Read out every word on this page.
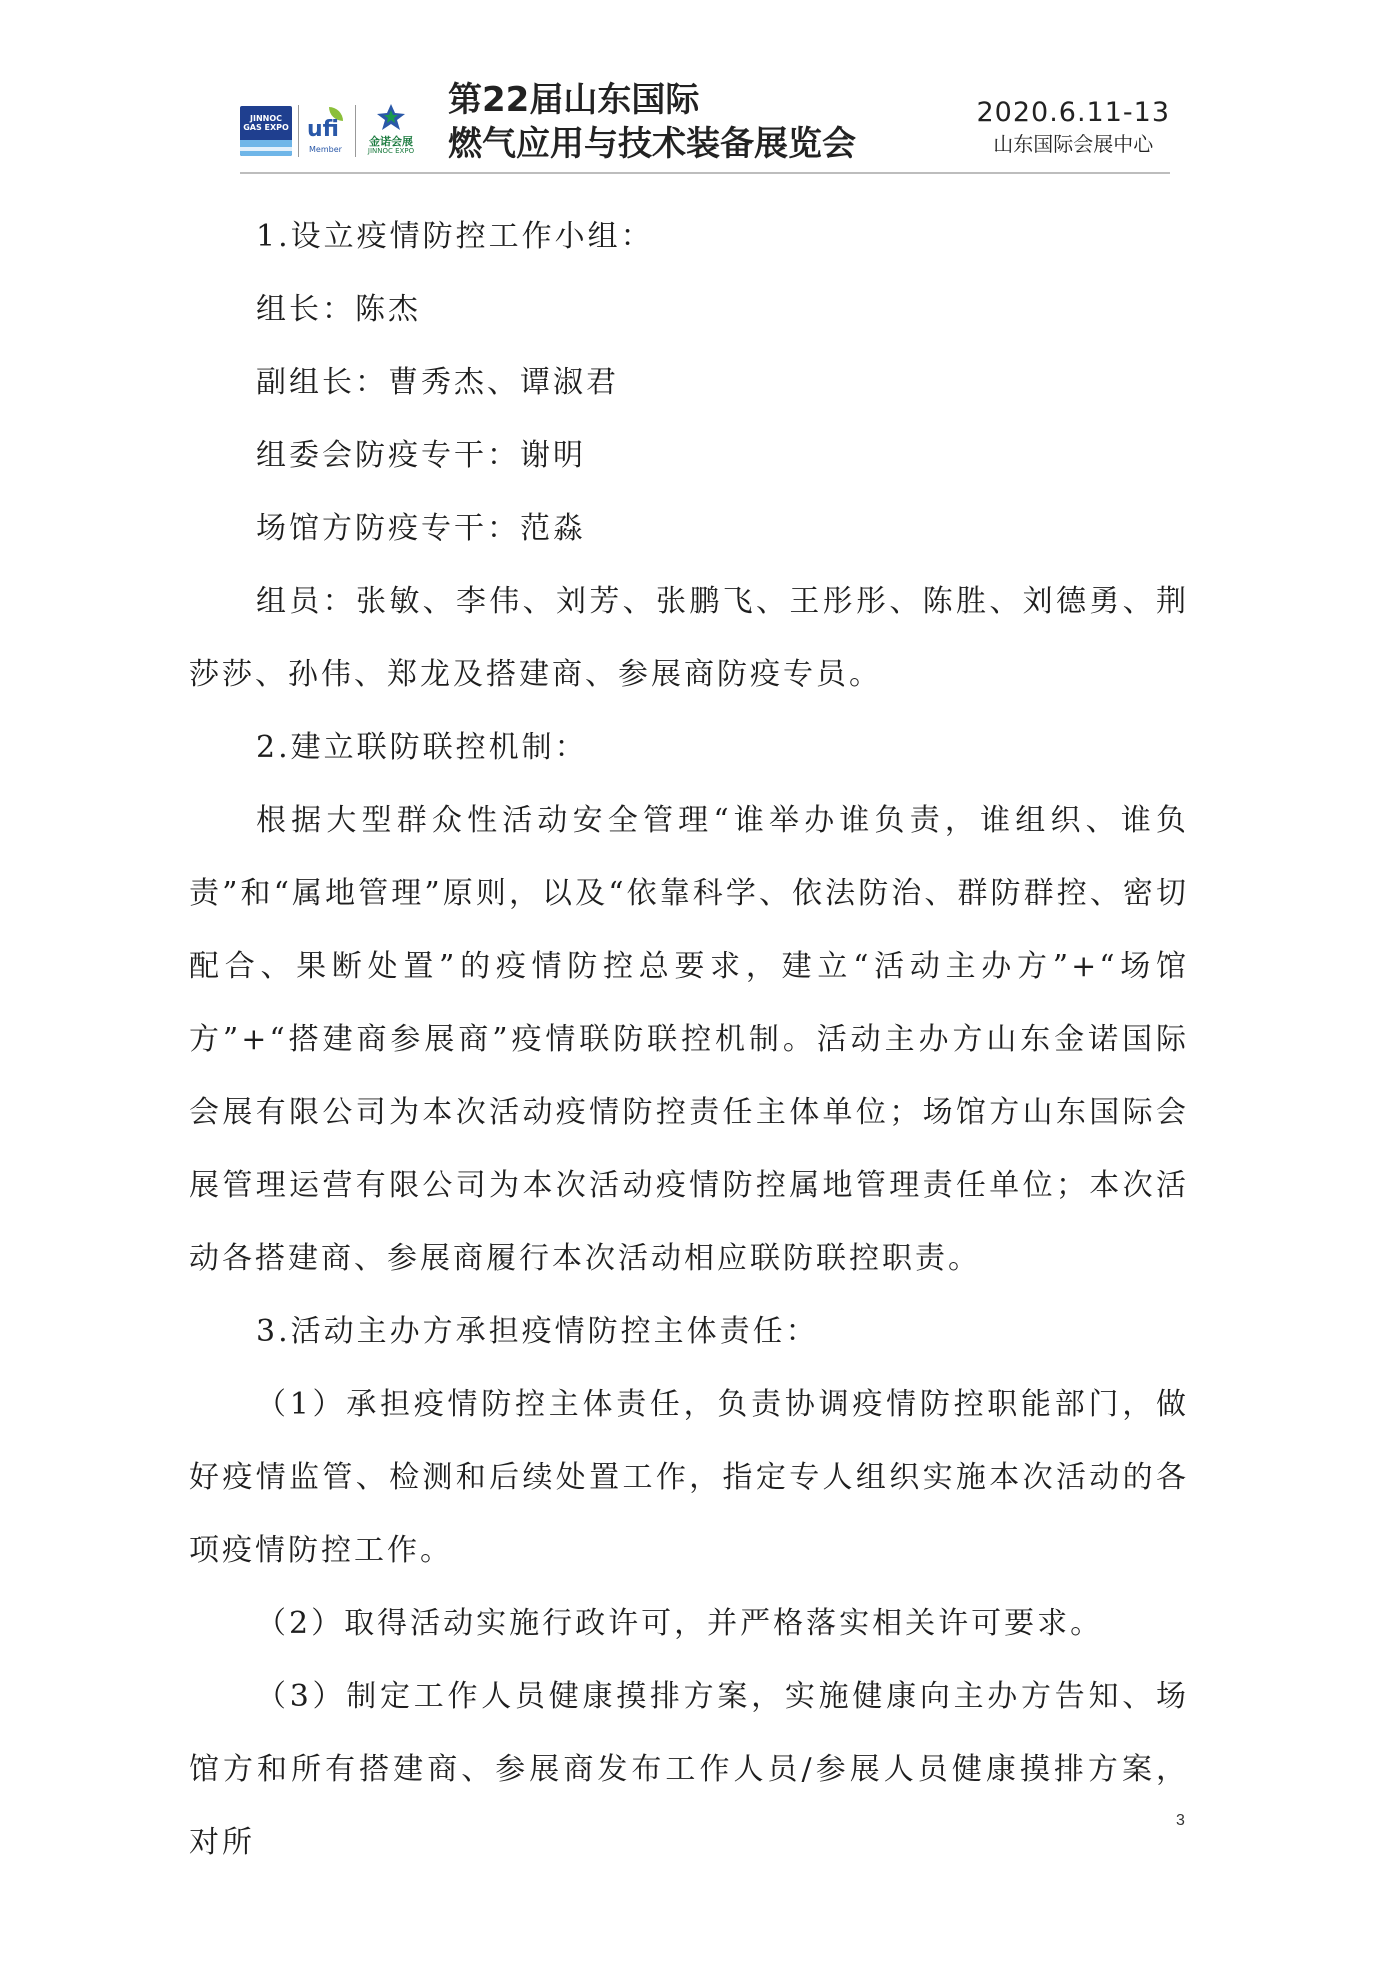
JINNOC GAS EXPO ufi
Member
金诺会展
JINNOC EXPO
第22届山东国际
燃气应用与技术装备展览会
2020.6.11-13
山东国际会展中心

1.设立疫情防控工作小组：

组长：陈杰

副组长：曹秀杰、谭淑君

组委会防疫专干：谢明

场馆方防疫专干：范淼

组员：张敏、李伟、刘芳、张鹏飞、王彤彤、陈胜、刘德勇、荆莎莎、孙伟、郑龙及搭建商、参展商防疫专员。

2.建立联防联控机制：

根据大型群众性活动安全管理“谁举办谁负责，谁组织、谁负责”和“属地管理”原则，以及“依靠科学、依法防治、群防群控、密切配合、果断处置”的疫情防控总要求，建立“活动主办方”+“场馆方”+“搭建商参展商”疫情联防联控机制。活动主办方山东金诺国际会展有限公司为本次活动疫情防控责任主体单位；场馆方山东国际会展管理运营有限公司为本次活动疫情防控属地管理责任单位；本次活动各搭建商、参展商履行本次活动相应联防联控职责。

3.活动主办方承担疫情防控主体责任：

（1）承担疫情防控主体责任，负责协调疫情防控职能部门，做好疫情监管、检测和后续处置工作，指定专人组织实施本次活动的各项疫情防控工作。

（2）取得活动实施行政许可，并严格落实相关许可要求。

（3）制定工作人员健康摸排方案，实施健康向主办方告知、场馆方和所有搭建商、参展商发布工作人员/参展人员健康摸排方案，对所

3
